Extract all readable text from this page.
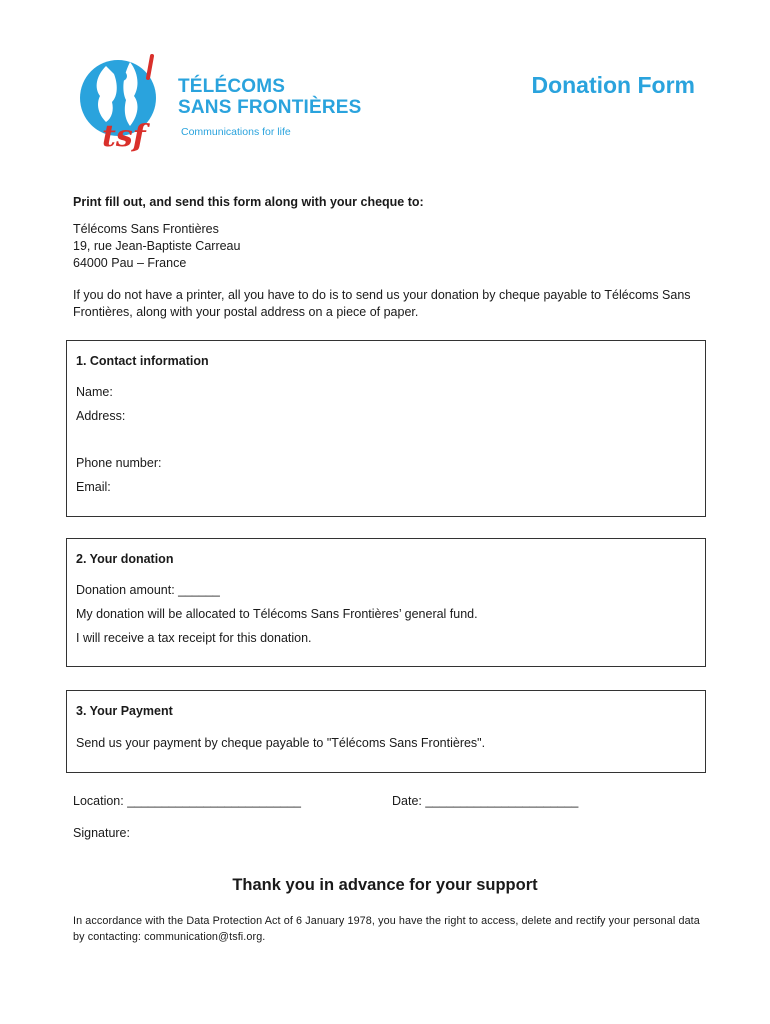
tsf
TÉLÉCOMS
SANS FRONTIÈRES
Communications for life
Donation Form
Print fill out, and send this form along with your cheque to:
Télécoms Sans Frontières
19, rue Jean-Baptiste Carreau
64000 Pau – France
If you do not have a printer, all you have to do is to send us your donation by cheque payable to Télécoms Sans Frontières, along with your postal address on a piece of paper.
1. Contact information
Name:
Address:
Phone number:
Email:
2. Your donation
Donation amount: ______
My donation will be allocated to Télécoms Sans Frontières’ general fund.
I will receive a tax receipt for this donation.
3. Your Payment
Send us your payment by cheque payable to "Télécoms Sans Frontières".
Location: _________________________	Date: ______________________
Signature:
Thank you in advance for your support
In accordance with the Data Protection Act of 6 January 1978, you have the right to access, delete and rectify your personal data by contacting: communication@tsfi.org.
